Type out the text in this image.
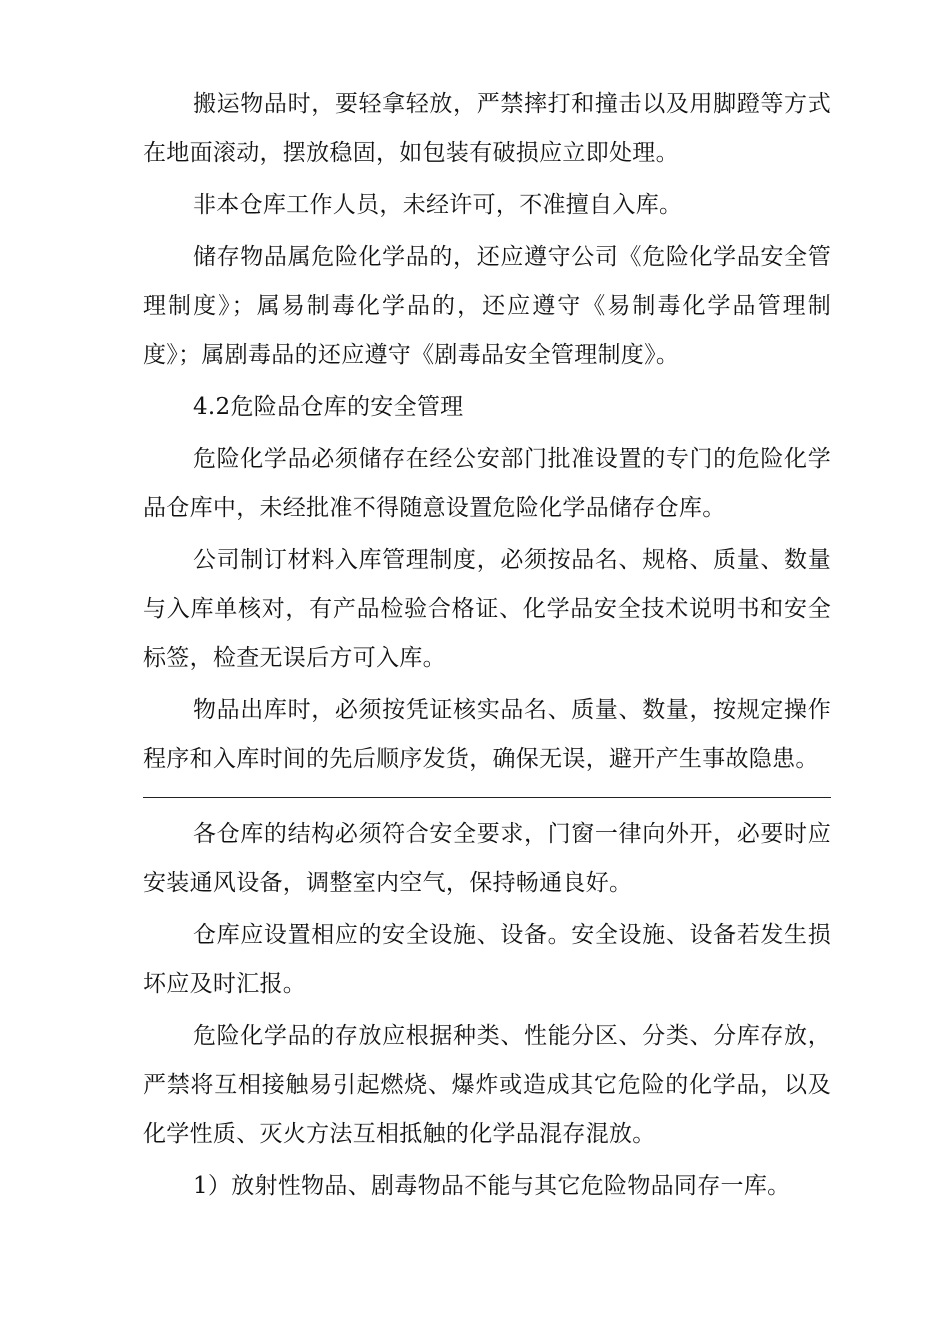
搬运物品时，要轻拿轻放，严禁摔打和撞击以及用脚蹬等方式在地面滚动，摆放稳固，如包装有破损应立即处理。

非本仓库工作人员，未经许可，不准擅自入库。

储存物品属危险化学品的，还应遵守公司《危险化学品安全管理制度》；属易制毒化学品的，还应遵守《易制毒化学品管理制度》；属剧毒品的还应遵守《剧毒品安全管理制度》。

4.2危险品仓库的安全管理

危险化学品必须储存在经公安部门批准设置的专门的危险化学品仓库中，未经批准不得随意设置危险化学品储存仓库。

公司制订材料入库管理制度，必须按品名、规格、质量、数量与入库单核对，有产品检验合格证、化学品安全技术说明书和安全标签，检查无误后方可入库。

物品出库时，必须按凭证核实品名、质量、数量，按规定操作程序和入库时间的先后顺序发货，确保无误，避开产生事故隐患。

各仓库的结构必须符合安全要求，门窗一律向外开，必要时应安装通风设备，调整室内空气，保持畅通良好。

仓库应设置相应的安全设施、设备。安全设施、设备若发生损坏应及时汇报。

危险化学品的存放应根据种类、性能分区、分类、分库存放，严禁将互相接触易引起燃烧、爆炸或造成其它危险的化学品，以及化学性质、灭火方法互相抵触的化学品混存混放。

1）放射性物品、剧毒物品不能与其它危险物品同存一库。
